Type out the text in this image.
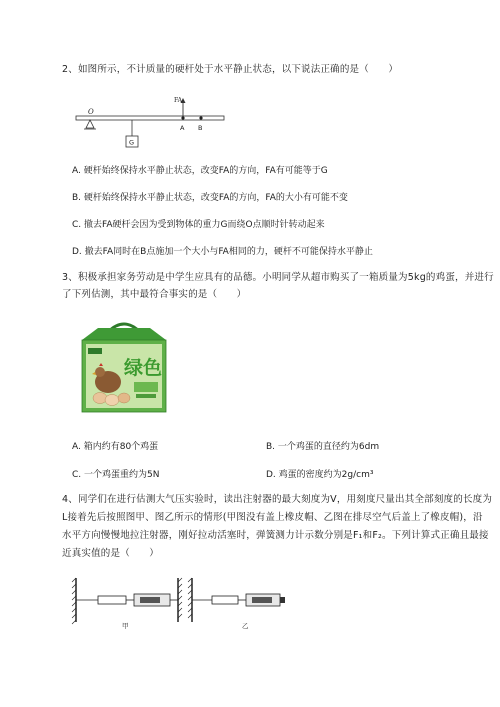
2、如图所示，不计质量的硬杆处于水平静止状态，以下说法正确的是（　　）
O
FA
A B
G
A. 硬杆始终保持水平静止状态，改变FA的方向，FA有可能等于G
B. 硬杆始终保持水平静止状态，改变FA的方向，FA的大小有可能不变
C. 撤去FA硬杆会因为受到物体的重力G而绕O点顺时针转动起来
D. 撤去FA同时在B点施加一个大小与FA相同的力，硬杆不可能保持水平静止
3、积极承担家务劳动是中学生应具有的品德。小明同学从超市购买了一箱质量为5kg的鸡蛋，并进行
了下列估测，其中最符合事实的是（　　）
绿色
A. 箱内约有80个鸡蛋	B. 一个鸡蛋的直径约为6dm
C. 一个鸡蛋重约为5N	D. 鸡蛋的密度约为2g/cm³
4、同学们在进行估测大气压实验时，读出注射器的最大刻度为V，用刻度尺量出其全部刻度的长度为
L接着先后按照图甲、图乙所示的情形(甲图没有盖上橡皮帽、乙图在排尽空气后盖上了橡皮帽)，沿
水平方向慢慢地拉注射器，刚好拉动活塞时，弹簧测力计示数分别是F₁和F₂。下列计算式正确且最接
近真实值的是（　　）
甲	乙
